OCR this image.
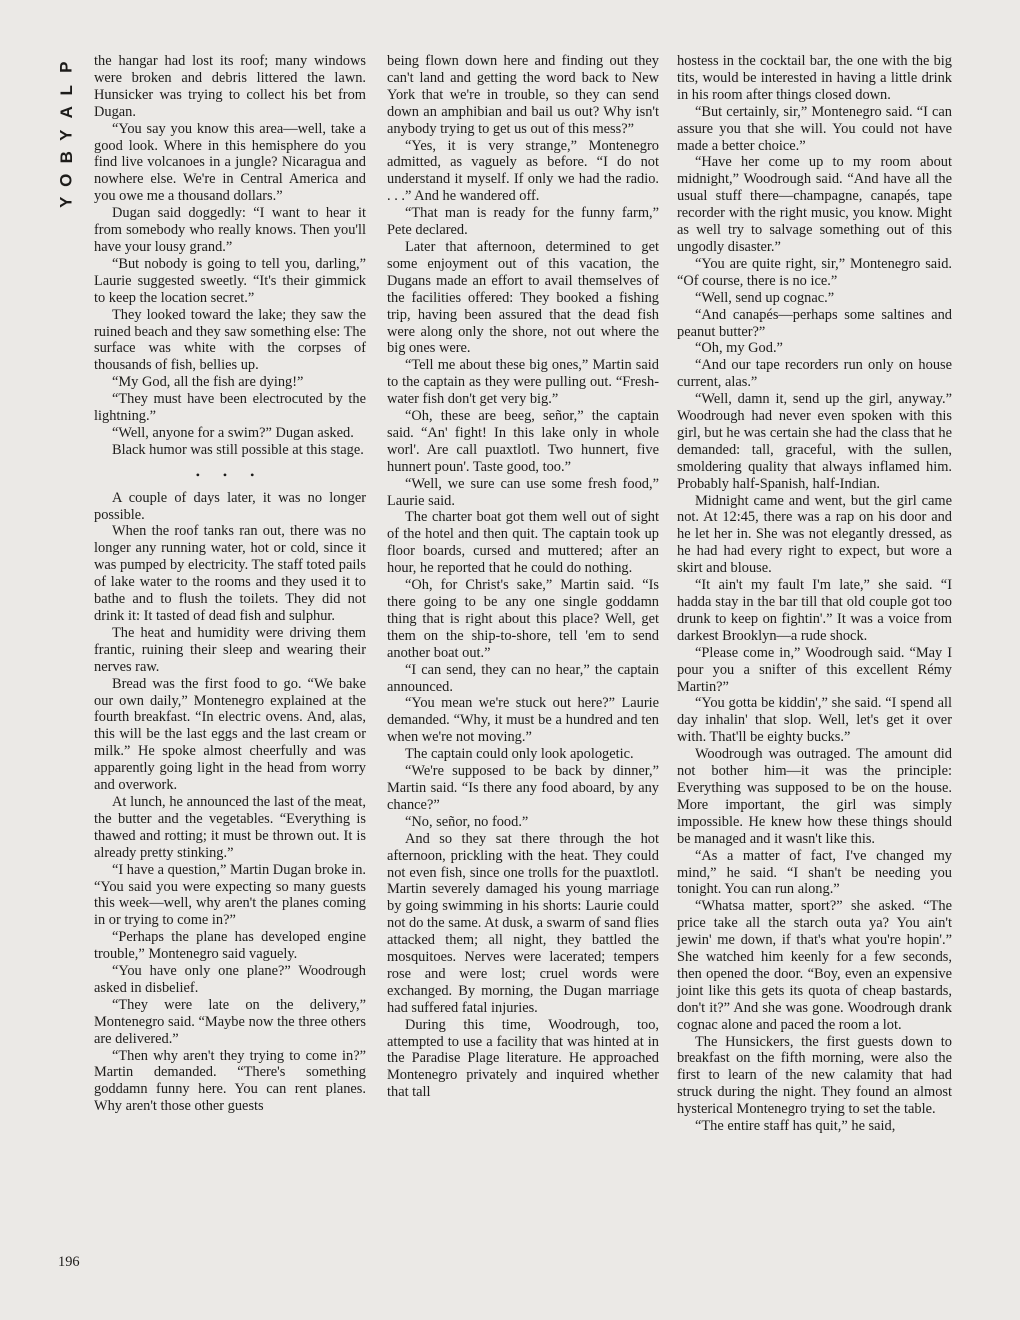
P
L
A
Y
B
O
Y

the hangar had lost its roof; many windows were broken and debris littered the lawn. Hunsicker was trying to collect his bet from Dugan.

“You say you know this area—well, take a good look. Where in this hemisphere do you find live volcanoes in a jungle? Nicaragua and nowhere else. We're in Central America and you owe me a thousand dollars.”

Dugan said doggedly: “I want to hear it from somebody who really knows. Then you'll have your lousy grand.”

“But nobody is going to tell you, darling,” Laurie suggested sweetly. “It's their gimmick to keep the location secret.”

They looked toward the lake; they saw the ruined beach and they saw something else: The surface was white with the corpses of thousands of fish, bellies up.

“My God, all the fish are dying!”

“They must have been electrocuted by the lightning.”

“Well, anyone for a swim?” Dugan asked.

Black humor was still possible at this stage.

• • •

A couple of days later, it was no longer possible.

When the roof tanks ran out, there was no longer any running water, hot or cold, since it was pumped by electricity. The staff toted pails of lake water to the rooms and they used it to bathe and to flush the toilets. They did not drink it: It tasted of dead fish and sulphur.

The heat and humidity were driving them frantic, ruining their sleep and wearing their nerves raw.

Bread was the first food to go. “We bake our own daily,” Montenegro explained at the fourth breakfast. “In electric ovens. And, alas, this will be the last eggs and the last cream or milk.” He spoke almost cheerfully and was apparently going light in the head from worry and overwork.

At lunch, he announced the last of the meat, the butter and the vegetables. “Everything is thawed and rotting; it must be thrown out. It is already pretty stinking.”

“I have a question,” Martin Dugan broke in. “You said you were expecting so many guests this week—well, why aren't the planes coming in or trying to come in?”

“Perhaps the plane has developed engine trouble,” Montenegro said vaguely.

“You have only one plane?” Woodrough asked in disbelief.

“They were late on the delivery,” Montenegro said. “Maybe now the three others are delivered.”

“Then why aren't they trying to come in?” Martin demanded. “There's something goddamn funny here. You can rent planes. Why aren't those other guests

being flown down here and finding out they can't land and getting the word back to New York that we're in trouble, so they can send down an amphibian and bail us out? Why isn't anybody trying to get us out of this mess?”

“Yes, it is very strange,” Montenegro admitted, as vaguely as before. “I do not understand it myself. If only we had the radio. . . .” And he wandered off.

“That man is ready for the funny farm,” Pete declared.

Later that afternoon, determined to get some enjoyment out of this vacation, the Dugans made an effort to avail themselves of the facilities offered: They booked a fishing trip, having been assured that the dead fish were along only the shore, not out where the big ones were.

“Tell me about these big ones,” Martin said to the captain as they were pulling out. “Fresh-water fish don't get very big.”

“Oh, these are beeg, señor,” the captain said. “An' fight! In this lake only in whole worl'. Are call puaxtlotl. Two hunnert, five hunnert poun'. Taste good, too.”

“Well, we sure can use some fresh food,” Laurie said.

The charter boat got them well out of sight of the hotel and then quit. The captain took up floor boards, cursed and muttered; after an hour, he reported that he could do nothing.

“Oh, for Christ's sake,” Martin said. “Is there going to be any one single goddamn thing that is right about this place? Well, get them on the ship-to-shore, tell 'em to send another boat out.”

“I can send, they can no hear,” the captain announced.

“You mean we're stuck out here?” Laurie demanded. “Why, it must be a hundred and ten when we're not moving.”

The captain could only look apologetic.

“We're supposed to be back by dinner,” Martin said. “Is there any food aboard, by any chance?”

“No, señor, no food.”

And so they sat there through the hot afternoon, prickling with the heat. They could not even fish, since one trolls for the puaxtlotl. Martin severely damaged his young marriage by going swimming in his shorts: Laurie could not do the same. At dusk, a swarm of sand flies attacked them; all night, they battled the mosquitoes. Nerves were lacerated; tempers rose and were lost; cruel words were exchanged. By morning, the Dugan marriage had suffered fatal injuries.

During this time, Woodrough, too, attempted to use a facility that was hinted at in the Paradise Plage literature. He approached Montenegro privately and inquired whether that tall

hostess in the cocktail bar, the one with the big tits, would be interested in having a little drink in his room after things closed down.

“But certainly, sir,” Montenegro said. “I can assure you that she will. You could not have made a better choice.”

“Have her come up to my room about midnight,” Woodrough said. “And have all the usual stuff there—champagne, canapés, tape recorder with the right music, you know. Might as well try to salvage something out of this ungodly disaster.”

“You are quite right, sir,” Montenegro said. “Of course, there is no ice.”

“Well, send up cognac.”

“And canapés—perhaps some saltines and peanut butter?”

“Oh, my God.”

“And our tape recorders run only on house current, alas.”

“Well, damn it, send up the girl, anyway.” Woodrough had never even spoken with this girl, but he was certain she had the class that he demanded: tall, graceful, with the sullen, smoldering quality that always inflamed him. Probably half-Spanish, half-Indian.

Midnight came and went, but the girl came not. At 12:45, there was a rap on his door and he let her in. She was not elegantly dressed, as he had had every right to expect, but wore a skirt and blouse.

“It ain't my fault I'm late,” she said. “I hadda stay in the bar till that old couple got too drunk to keep on fightin'.” It was a voice from darkest Brooklyn—a rude shock.

“Please come in,” Woodrough said. “May I pour you a snifter of this excellent Rémy Martin?”

“You gotta be kiddin',” she said. “I spend all day inhalin' that slop. Well, let's get it over with. That'll be eighty bucks.”

Woodrough was outraged. The amount did not bother him—it was the principle: Everything was supposed to be on the house. More important, the girl was simply impossible. He knew how these things should be managed and it wasn't like this.

“As a matter of fact, I've changed my mind,” he said. “I shan't be needing you tonight. You can run along.”

“Whatsa matter, sport?” she asked. “The price take all the starch outa ya? You ain't jewin' me down, if that's what you're hopin'.” She watched him keenly for a few seconds, then opened the door. “Boy, even an expensive joint like this gets its quota of cheap bastards, don't it?” And she was gone. Woodrough drank cognac alone and paced the room a lot.

The Hunsickers, the first guests down to breakfast on the fifth morning, were also the first to learn of the new calamity that had struck during the night. They found an almost hysterical Montenegro trying to set the table.

“The entire staff has quit,” he said,

196
